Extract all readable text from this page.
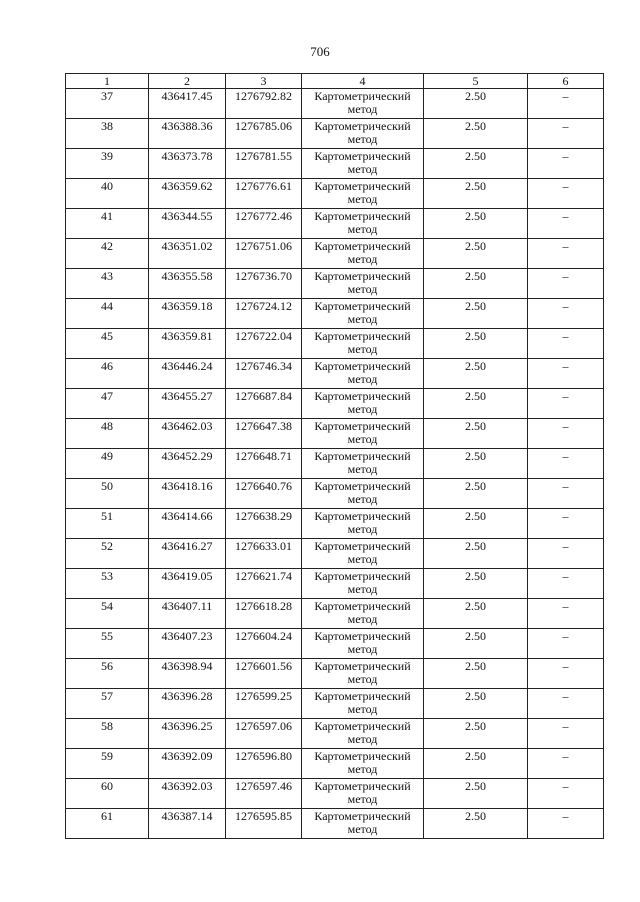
706
1	2	3	4	5	6
37	436417.45	1276792.82	Картометрический метод	2.50	–
38	436388.36	1276785.06	Картометрический метод	2.50	–
39	436373.78	1276781.55	Картометрический метод	2.50	–
40	436359.62	1276776.61	Картометрический метод	2.50	–
41	436344.55	1276772.46	Картометрический метод	2.50	–
42	436351.02	1276751.06	Картометрический метод	2.50	–
43	436355.58	1276736.70	Картометрический метод	2.50	–
44	436359.18	1276724.12	Картометрический метод	2.50	–
45	436359.81	1276722.04	Картометрический метод	2.50	–
46	436446.24	1276746.34	Картометрический метод	2.50	–
47	436455.27	1276687.84	Картометрический метод	2.50	–
48	436462.03	1276647.38	Картометрический метод	2.50	–
49	436452.29	1276648.71	Картометрический метод	2.50	–
50	436418.16	1276640.76	Картометрический метод	2.50	–
51	436414.66	1276638.29	Картометрический метод	2.50	–
52	436416.27	1276633.01	Картометрический метод	2.50	–
53	436419.05	1276621.74	Картометрический метод	2.50	–
54	436407.11	1276618.28	Картометрический метод	2.50	–
55	436407.23	1276604.24	Картометрический метод	2.50	–
56	436398.94	1276601.56	Картометрический метод	2.50	–
57	436396.28	1276599.25	Картометрический метод	2.50	–
58	436396.25	1276597.06	Картометрический метод	2.50	–
59	436392.09	1276596.80	Картометрический метод	2.50	–
60	436392.03	1276597.46	Картометрический метод	2.50	–
61	436387.14	1276595.85	Картометрический метод	2.50	–
